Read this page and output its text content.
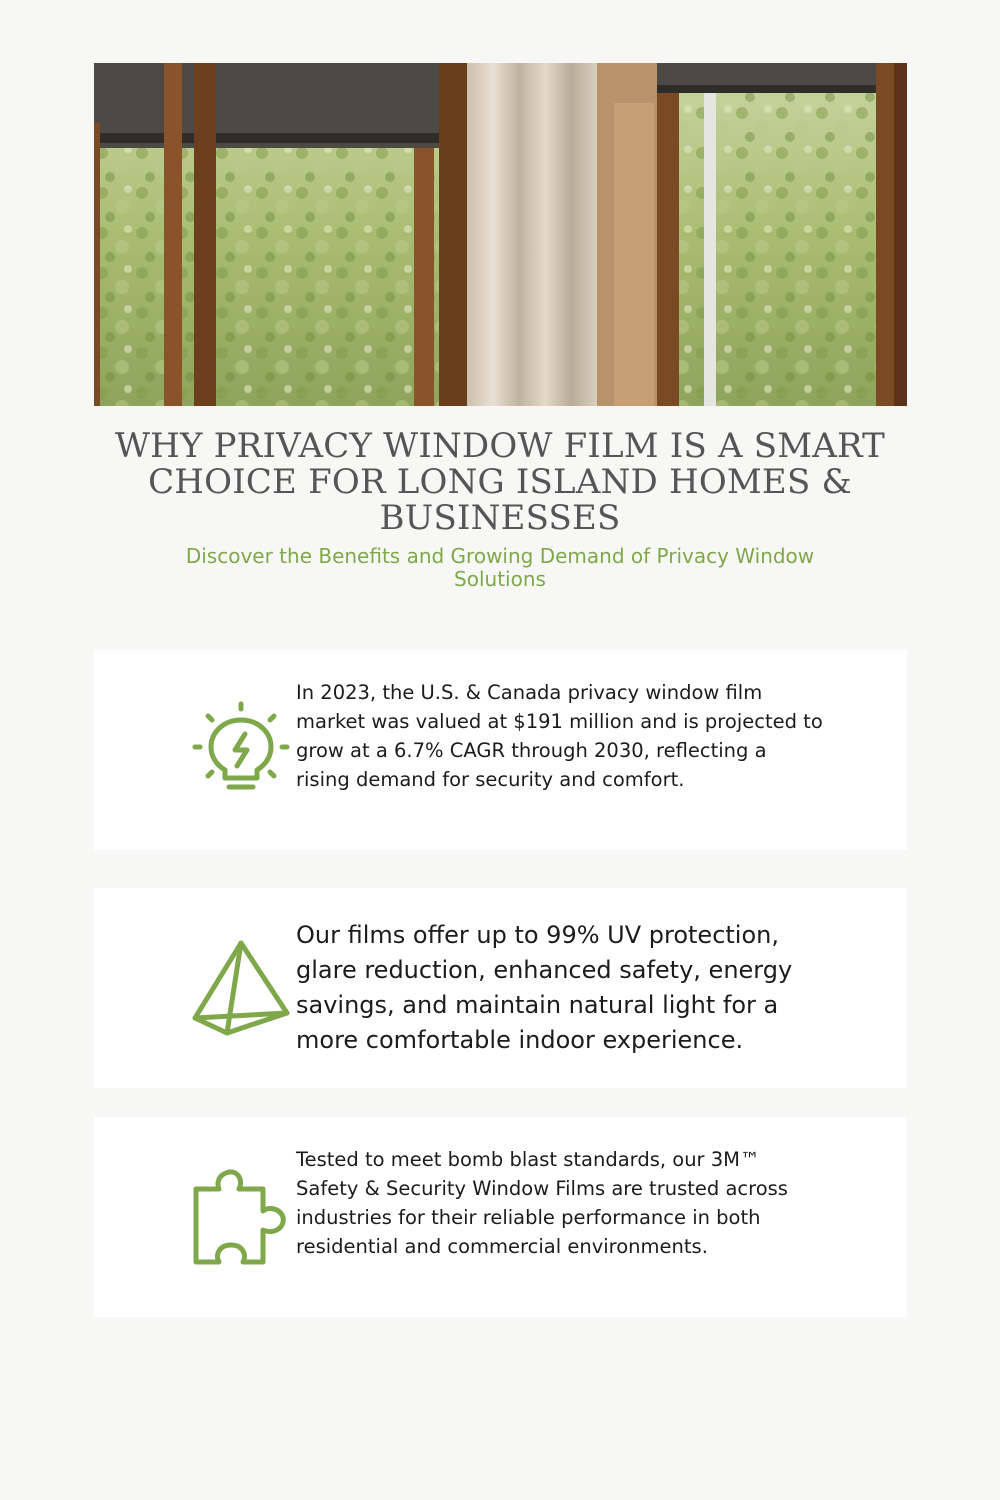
WHY PRIVACY WINDOW FILM IS A SMART CHOICE FOR LONG ISLAND HOMES & BUSINESSES

Discover the Benefits and Growing Demand of Privacy Window Solutions

In 2023, the U.S. & Canada privacy window film market was valued at $191 million and is projected to grow at a 6.7% CAGR through 2030, reflecting a rising demand for security and comfort.

Our films offer up to 99% UV protection, glare reduction, enhanced safety, energy savings, and maintain natural light for a more comfortable indoor experience.

Tested to meet bomb blast standards, our 3M™ Safety & Security Window Films are trusted across industries for their reliable performance in both residential and commercial environments.
